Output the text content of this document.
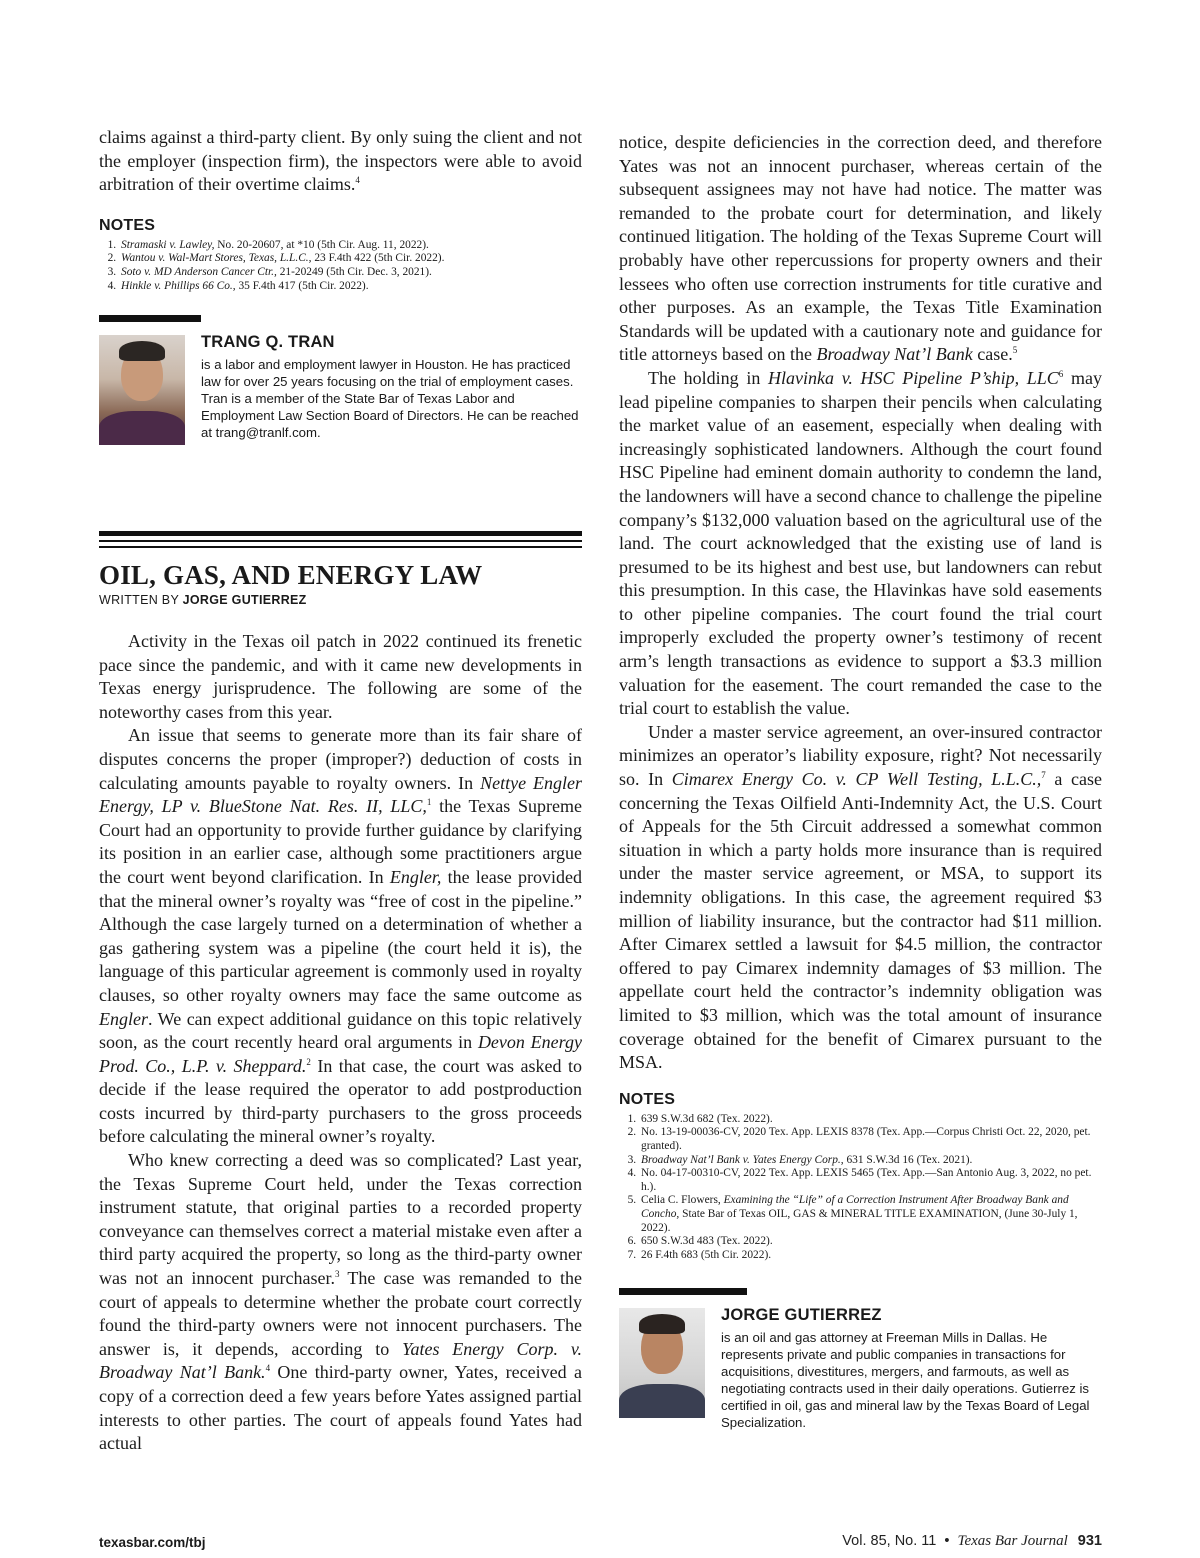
claims against a third-party client. By only suing the client and not the employer (inspection firm), the inspectors were able to avoid arbitration of their overtime claims.$^4$

NOTES
1. Stramaski v. Lawley, No. 20-20607, at *10 (5th Cir. Aug. 11, 2022).
2. Wantou v. Wal-Mart Stores, Texas, L.L.C., 23 F.4th 422 (5th Cir. 2022).
3. Soto v. MD Anderson Cancer Ctr., 21-20249 (5th Cir. Dec. 3, 2021).
4. Hinkle v. Phillips 66 Co., 35 F.4th 417 (5th Cir. 2022).
TRANG Q. TRAN

is a labor and employment lawyer in Houston. He has practiced law for over 25 years focusing on the trial of employment cases. Tran is a member of the State Bar of Texas Labor and Employment Law Section Board of Directors. He can be reached at trang@tranlf.com.

OIL, GAS, AND ENERGY LAW
WRITTEN BY JORGE GUTIERREZ

Activity in the Texas oil patch in 2022 continued its frenetic pace since the pandemic, and with it came new developments in Texas energy jurisprudence. The following are some of the noteworthy cases from this year.

An issue that seems to generate more than its fair share of disputes concerns the proper (improper?) deduction of costs in calculating amounts payable to royalty owners. In Nettye Engler Energy, LP v. BlueStone Nat. Res. II, LLC,$^1$ the Texas Supreme Court had an opportunity to provide further guidance by clarifying its position in an earlier case, although some practitioners argue the court went beyond clarification. In Engler, the lease provided that the mineral owner’s royalty was “free of cost in the pipeline.” Although the case largely turned on a determination of whether a gas gathering system was a pipeline (the court held it is), the language of this particular agreement is commonly used in royalty clauses, so other royalty owners may face the same outcome as Engler. We can expect additional guidance on this topic relatively soon, as the court recently heard oral arguments in Devon Energy Prod. Co., L.P. v. Sheppard.$^2$ In that case, the court was asked to decide if the lease required the operator to add postproduction costs incurred by third-party purchasers to the gross proceeds before calculating the mineral owner’s royalty.

Who knew correcting a deed was so complicated? Last year, the Texas Supreme Court held, under the Texas correction instrument statute, that original parties to a recorded property conveyance can themselves correct a material mistake even after a third party acquired the property, so long as the third-party owner was not an innocent purchaser.$^3$ The case was remanded to the court of appeals to determine whether the probate court correctly found the third-party owners were not innocent purchasers. The answer is, it depends, according to Yates Energy Corp. v. Broadway Nat’l Bank.$^4$ One third-party owner, Yates, received a copy of a correction deed a few years before Yates assigned partial interests to other parties. The court of appeals found Yates had actual

notice, despite deficiencies in the correction deed, and therefore Yates was not an innocent purchaser, whereas certain of the subsequent assignees may not have had notice. The matter was remanded to the probate court for determination, and likely continued litigation. The holding of the Texas Supreme Court will probably have other repercussions for property owners and their lessees who often use correction instruments for title curative and other purposes. As an example, the Texas Title Examination Standards will be updated with a cautionary note and guidance for title attorneys based on the Broadway Nat’l Bank case.$^5$

The holding in Hlavinka v. HSC Pipeline P’ship, LLC$^6$ may lead pipeline companies to sharpen their pencils when calculating the market value of an easement, especially when dealing with increasingly sophisticated landowners. Although the court found HSC Pipeline had eminent domain authority to condemn the land, the landowners will have a second chance to challenge the pipeline company’s $132,000 valuation based on the agricultural use of the land. The court acknowledged that the existing use of land is presumed to be its highest and best use, but landowners can rebut this presumption. In this case, the Hlavinkas have sold easements to other pipeline companies. The court found the trial court improperly excluded the property owner’s testimony of recent arm’s length transactions as evidence to support a $3.3 million valuation for the easement. The court remanded the case to the trial court to establish the value.

Under a master service agreement, an over-insured contractor minimizes an operator’s liability exposure, right? Not necessarily so. In Cimarex Energy Co. v. CP Well Testing, L.L.C.,$^7$ a case concerning the Texas Oilfield Anti-Indemnity Act, the U.S. Court of Appeals for the 5th Circuit addressed a somewhat common situation in which a party holds more insurance than is required under the master service agreement, or MSA, to support its indemnity obligations. In this case, the agreement required $3 million of liability insurance, but the contractor had $11 million. After Cimarex settled a lawsuit for $4.5 million, the contractor offered to pay Cimarex indemnity damages of $3 million. The appellate court held the contractor’s indemnity obligation was limited to $3 million, which was the total amount of insurance coverage obtained for the benefit of Cimarex pursuant to the MSA.

NOTES
1. 639 S.W.3d 682 (Tex. 2022).
2. No. 13-19-00036-CV, 2020 Tex. App. LEXIS 8378 (Tex. App.—Corpus Christi Oct. 22, 2020, pet. granted).
3. Broadway Nat’l Bank v. Yates Energy Corp., 631 S.W.3d 16 (Tex. 2021).
4. No. 04-17-00310-CV, 2022 Tex. App. LEXIS 5465 (Tex. App.—San Antonio Aug. 3, 2022, no pet. h.).
5. Celia C. Flowers, Examining the “Life” of a Correction Instrument After Broadway Bank and Concho, State Bar of Texas OIL, GAS & MINERAL TITLE EXAMINATION, (June 30-July 1, 2022).
6. 650 S.W.3d 483 (Tex. 2022).
7. 26 F.4th 683 (5th Cir. 2022).
JORGE GUTIERREZ

is an oil and gas attorney at Freeman Mills in Dallas. He represents private and public companies in transactions for acquisitions, divestitures, mergers, and farmouts, as well as negotiating contracts used in their daily operations. Gutierrez is certified in oil, gas and mineral law by the Texas Board of Legal Specialization.

texasbar.com/tbj	Vol. 85, No. 11 • Texas Bar Journal 931
